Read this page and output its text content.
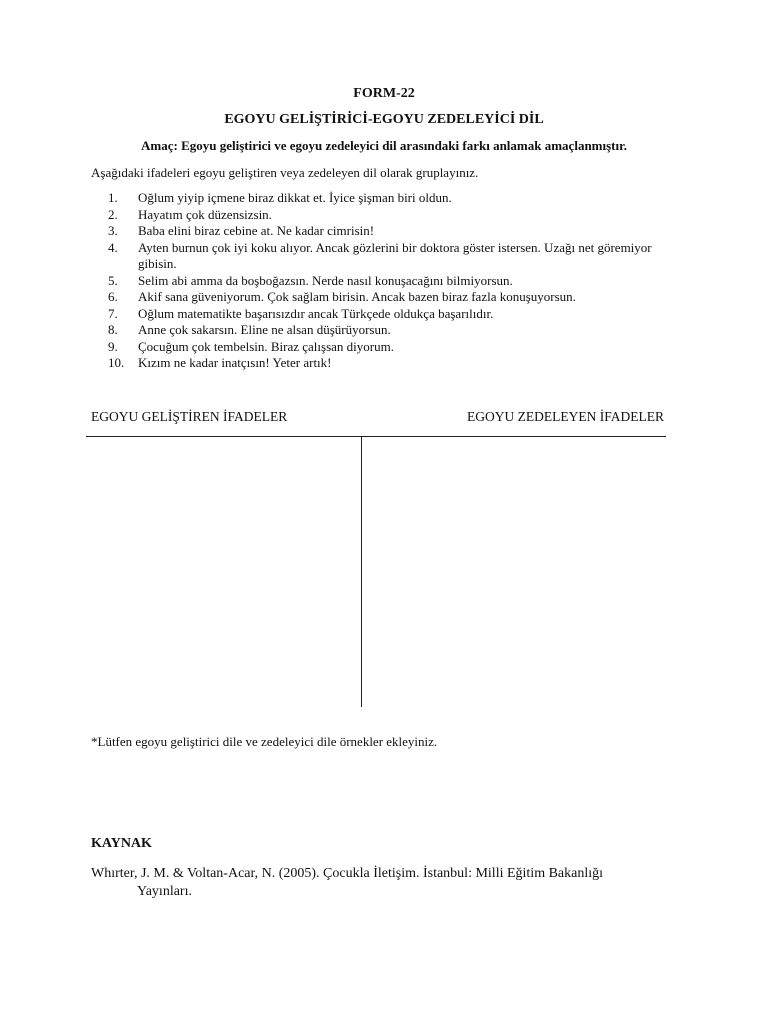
FORM-22
EGOYU GELİŞTİRİCİ-EGOYU ZEDELEYİCİ DİL
Amaç: Egoyu geliştirici ve egoyu zedeleyici dil arasındaki farkı anlamak amaçlanmıştır.
Aşağıdaki ifadeleri egoyu geliştiren veya zedeleyen dil olarak gruplayınız.
1.	Oğlum yiyip içmene biraz dikkat et. İyice şişman biri oldun.
2.	Hayatım çok düzensizsin.
3.	Baba elini biraz cebine at. Ne kadar cimrisin!
4.	Ayten burnun çok iyi koku alıyor. Ancak gözlerini bir doktora göster istersen. Uzağı net göremiyor gibisin.
5.	Selim abi amma da boşboğazsın. Nerde nasıl konuşacağını bilmiyorsun.
6.	Akif sana güveniyorum. Çok sağlam birisin. Ancak bazen biraz fazla konuşuyorsun.
7.	Oğlum matematikte başarısızdır ancak Türkçede oldukça başarılıdır.
8.	Anne çok sakarsın. Eline ne alsan düşürüyorsun.
9.	Çocuğum çok tembelsin. Biraz çalışsan diyorum.
10.	Kızım ne kadar inatçısın! Yeter artık!
EGOYU GELİŞTİREN İFADELER	EGOYU ZEDELEYEN İFADELER
*Lütfen egoyu geliştirici dile ve zedeleyici dile örnekler ekleyiniz.
KAYNAK
Whırter, J. M. & Voltan-Acar, N. (2005). Çocukla İletişim. İstanbul: Milli Eğitim Bakanlığı
Yayınları.
